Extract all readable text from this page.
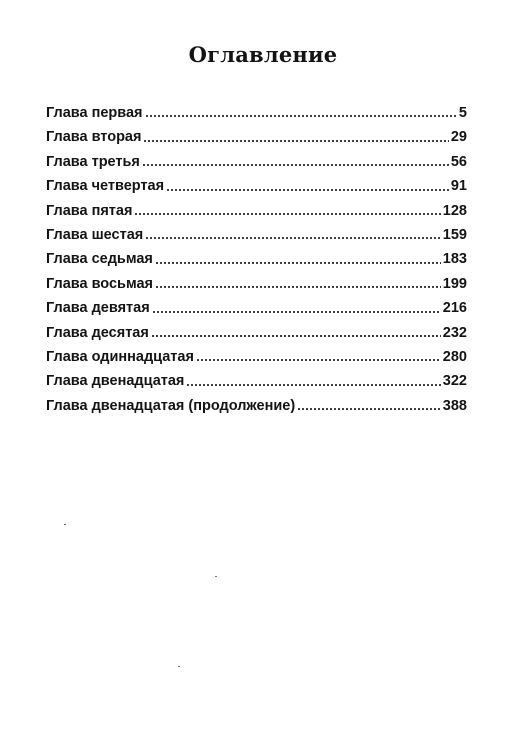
Оглавление
Глава первая	5
Глава вторая	29
Глава третья	56
Глава четвертая	91
Глава пятая	128
Глава шестая	159
Глава седьмая	183
Глава восьмая	199
Глава девятая	216
Глава десятая	232
Глава одиннадцатая	280
Глава двенадцатая	322
Глава двенадцатая (продолжение)	388
